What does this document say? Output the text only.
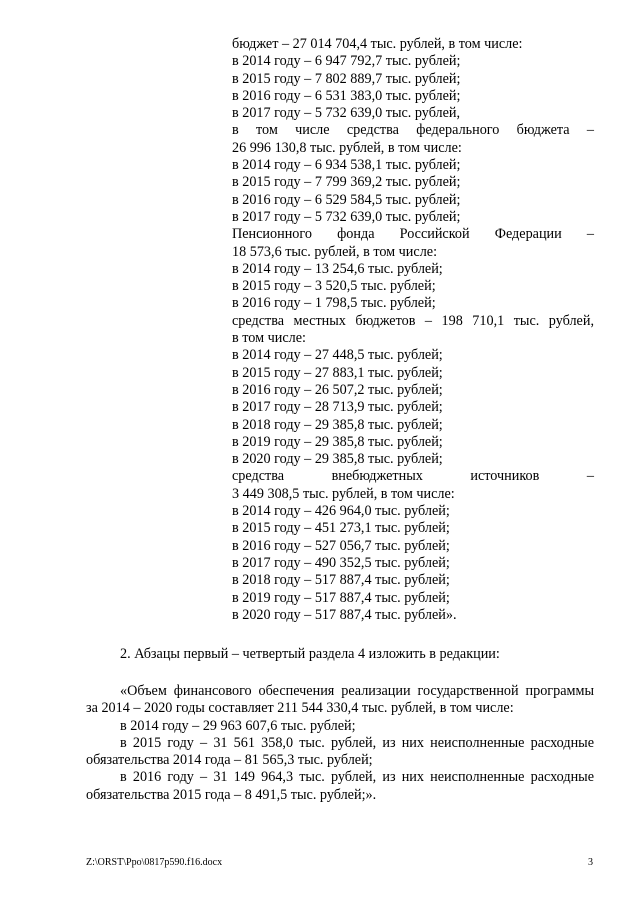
бюджет – 27 014 704,4 тыс. рублей, в том числе:
в 2014 году – 6 947 792,7 тыс. рублей;
в 2015 году – 7 802 889,7 тыс. рублей;
в 2016 году – 6 531 383,0 тыс. рублей;
в 2017 году – 5 732 639,0 тыс. рублей,
в том числе средства федерального бюджета –
26 996 130,8 тыс. рублей, в том числе:
в 2014 году – 6 934 538,1 тыс. рублей;
в 2015 году – 7 799 369,2 тыс. рублей;
в 2016 году – 6 529 584,5 тыс. рублей;
в 2017 году – 5 732 639,0 тыс. рублей;
Пенсионного фонда Российской Федерации –
18 573,6 тыс. рублей, в том числе:
в 2014 году – 13 254,6 тыс. рублей;
в 2015 году – 3 520,5 тыс. рублей;
в 2016 году – 1 798,5 тыс. рублей;
средства местных бюджетов – 198 710,1 тыс. рублей,
в том числе:
в 2014 году – 27 448,5 тыс. рублей;
в 2015 году – 27 883,1 тыс. рублей;
в 2016 году – 26 507,2 тыс. рублей;
в 2017 году – 28 713,9 тыс. рублей;
в 2018 году – 29 385,8 тыс. рублей;
в 2019 году – 29 385,8 тыс. рублей;
в 2020 году – 29 385,8 тыс. рублей;
средства внебюджетных источников –
3 449 308,5 тыс. рублей, в том числе:
в 2014 году – 426 964,0 тыс. рублей;
в 2015 году – 451 273,1 тыс. рублей;
в 2016 году – 527 056,7 тыс. рублей;
в 2017 году – 490 352,5 тыс. рублей;
в 2018 году – 517 887,4 тыс. рублей;
в 2019 году – 517 887,4 тыс. рублей;
в 2020 году – 517 887,4 тыс. рублей».
2. Абзацы первый – четвертый раздела 4 изложить в редакции:
«Объем финансового обеспечения реализации государственной программы
за 2014 – 2020 годы составляет 211 544 330,4 тыс. рублей, в том числе:
в 2014 году – 29 963 607,6 тыс. рублей;
в 2015 году – 31 561 358,0 тыс. рублей, из них неисполненные расходные
обязательства 2014 года – 81 565,3 тыс. рублей;
в 2016 году – 31 149 964,3 тыс. рублей, из них неисполненные расходные
обязательства 2015 года – 8 491,5 тыс. рублей;».
Z:\ORST\Ppo\0817p590.f16.docx	3
